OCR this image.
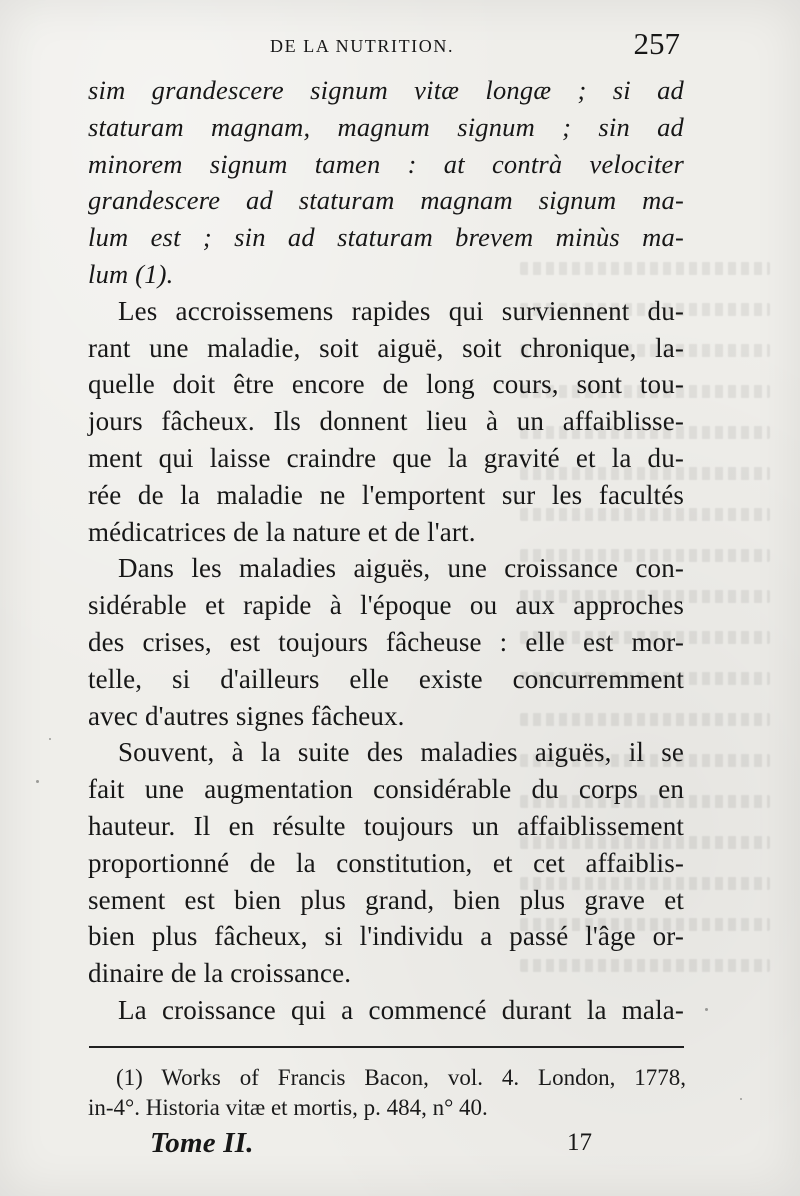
DE LA NUTRITION.	257
sim grandescere signum vitæ longæ ; si ad
staturam magnam, magnum signum ; sin ad
minorem signum tamen : at contrà velociter
grandescere ad staturam magnam signum ma-
lum est ; sin ad staturam brevem minùs ma-
lum (1).
Les accroissemens rapides qui surviennent du-
rant une maladie, soit aiguë, soit chronique, la-
quelle doit être encore de long cours, sont tou-
jours fâcheux. Ils donnent lieu à un affaiblisse-
ment qui laisse craindre que la gravité et la du-
rée de la maladie ne l'emportent sur les facultés
médicatrices de la nature et de l'art.
Dans les maladies aiguës, une croissance con-
sidérable et rapide à l'époque ou aux approches
des crises, est toujours fâcheuse : elle est mor-
telle, si d'ailleurs elle existe concurremment
avec d'autres signes fâcheux.
Souvent, à la suite des maladies aiguës, il se
fait une augmentation considérable du corps en
hauteur. Il en résulte toujours un affaiblissement
proportionné de la constitution, et cet affaiblis-
sement est bien plus grand, bien plus grave et
bien plus fâcheux, si l'individu a passé l'âge or-
dinaire de la croissance.
La croissance qui a commencé durant la mala-
(1) Works of Francis Bacon, vol. 4. London, 1778,
in-4°. Historia vitæ et mortis, p. 484, n° 40.
Tome II.	17
